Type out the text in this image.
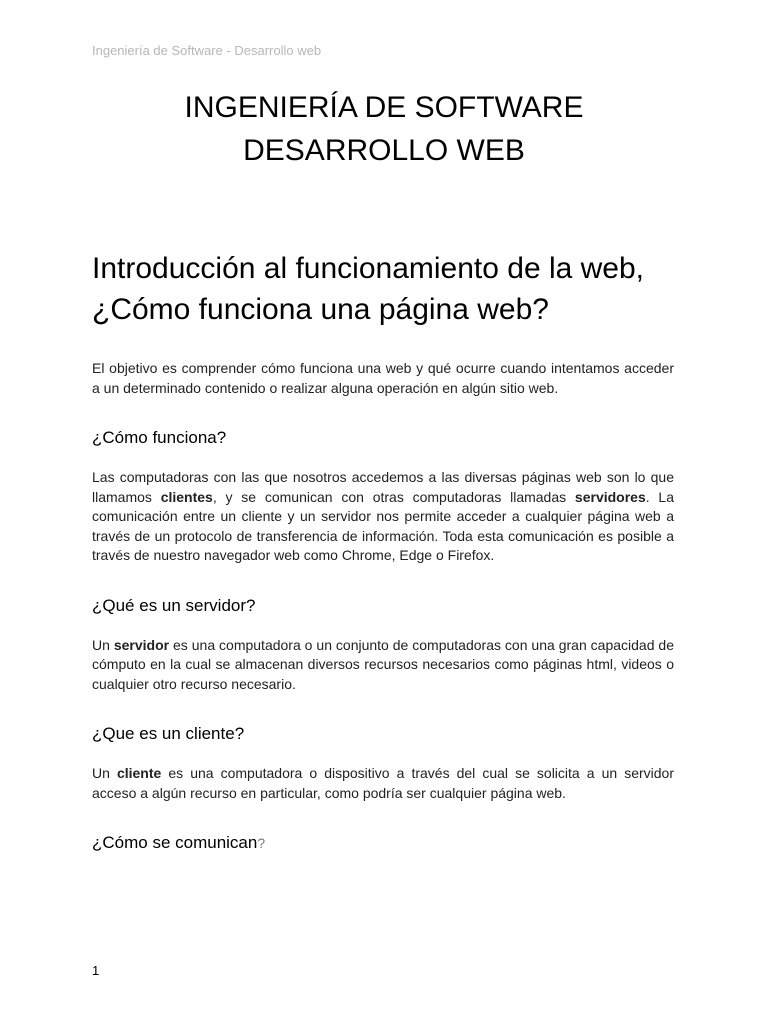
Ingeniería de Software - Desarrollo web
INGENIERÍA DE SOFTWARE
DESARROLLO WEB
Introducción al funcionamiento de la web, ¿Cómo funciona una página web?

El objetivo es comprender cómo funciona una web y qué ocurre cuando intentamos acceder a un determinado contenido o realizar alguna operación en algún sitio web.

¿Cómo funciona?

Las computadoras con las que nosotros accedemos a las diversas páginas web son lo que llamamos clientes, y se comunican con otras computadoras llamadas servidores. La comunicación entre un cliente y un servidor nos permite acceder a cualquier página web a través de un protocolo de transferencia de información. Toda esta comunicación es posible a través de nuestro navegador web como Chrome, Edge o Firefox.

¿Qué es un servidor?

Un servidor es una computadora o un conjunto de computadoras con una gran capacidad de cómputo en la cual se almacenan diversos recursos necesarios como páginas html, videos o cualquier otro recurso necesario.

¿Que es un cliente?

Un cliente es una computadora o dispositivo a través del cual se solicita a un servidor acceso a algún recurso en particular, como podría ser cualquier página web.

¿Cómo se comunican?
1
